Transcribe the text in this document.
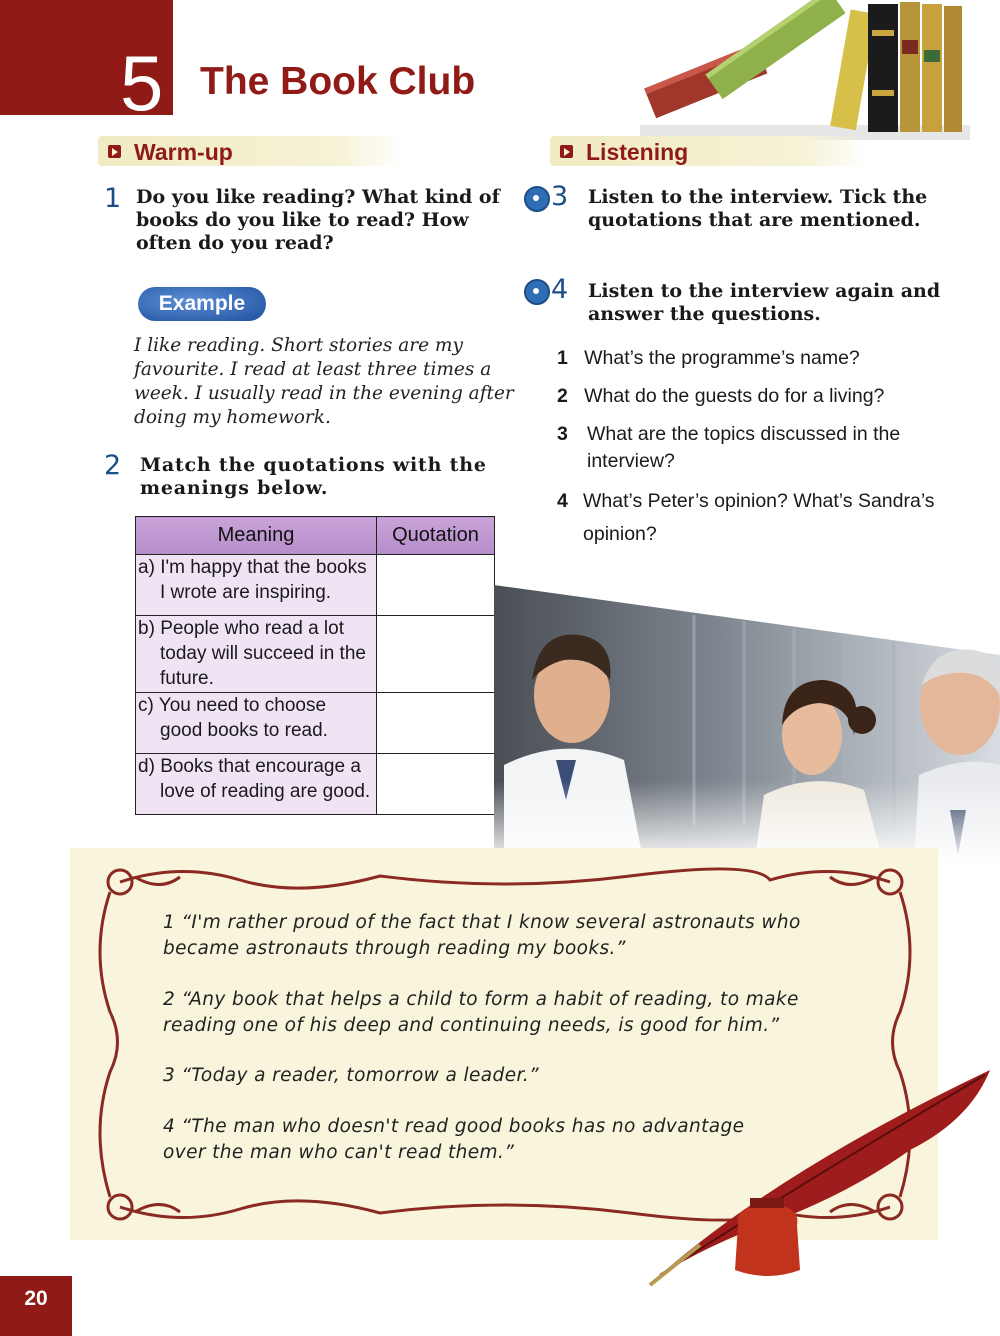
5 The Book Club
Warm-up
1 Do you like reading? What kind of books do you like to read? How often do you read?
Example
I like reading. Short stories are my favourite. I read at least three times a week. I usually read in the evening after doing my homework.
2 Match the quotations with the meanings below.
Meaning	Quotation

a) I'm happy that the books
I wrote are inspiring.	

b) People who read a lot
today will succeed in the
future.	

c) You need to choose
good books to read.	

d) Books that encourage a
love of reading are good.	

Listening
3 Listen to the interview. Tick the quotations that are mentioned.
4 Listen to the interview again and answer the questions.
1 What’s the programme’s name?
2 What do the guests do for a living?
3 What are the topics discussed in the interview?
4 What’s Peter’s opinion? What’s Sandra’s opinion?
1 “I'm rather proud of the fact that I know several astronauts who became astronauts through reading my books.”
2 “Any book that helps a child to form a habit of reading, to make reading one of his deep and continuing needs, is good for him.”
3 “Today a reader, tomorrow a leader.”
4 “The man who doesn't read good books has no advantage over the man who can't read them.”
20
